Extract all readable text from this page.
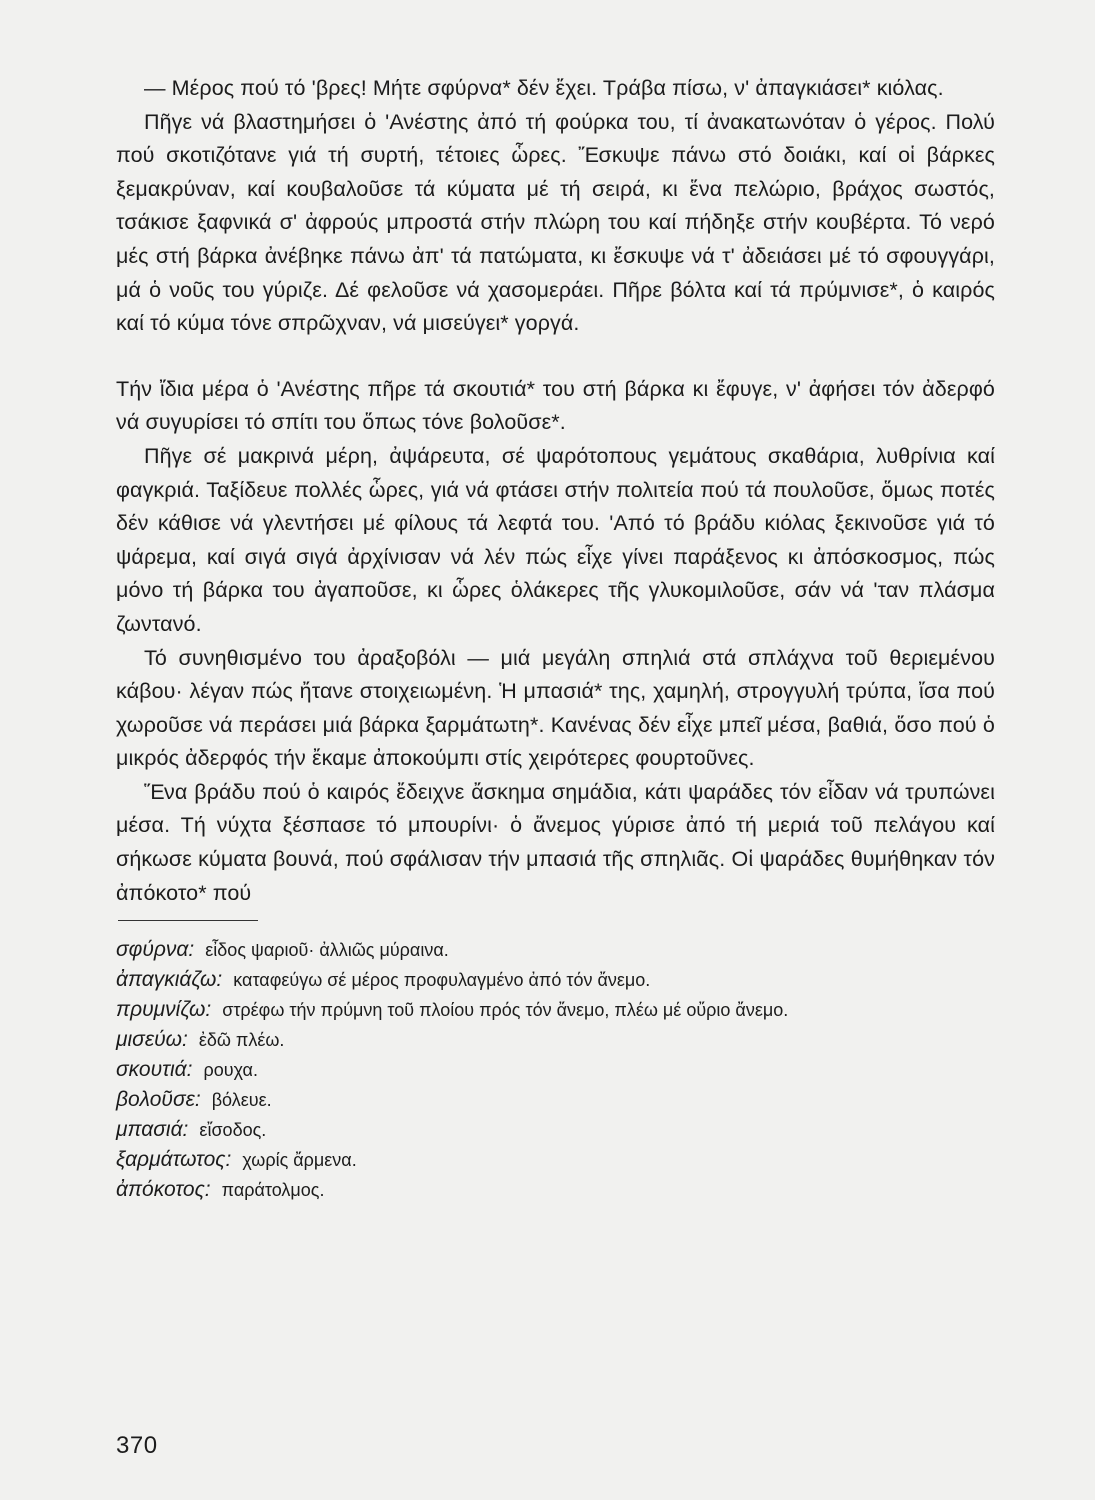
— Μέρος πού τό 'βρες! Μήτε σφύρνα* δέν ἔχει. Τράβα πίσω, ν' ἀπαγκιάσει* κιόλας.

Πῆγε νά βλαστημήσει ὁ 'Ανέστης ἀπό τή φούρκα του, τί ἀνακατωνόταν ὁ γέρος. Πολύ πού σκοτιζότανε γιά τή συρτή, τέτοιες ὧρες. Ἔσκυψε πάνω στό δοιάκι, καί οἱ βάρκες ξεμακρύναν, καί κουβαλοῦσε τά κύματα μέ τή σειρά, κι ἕνα πελώριο, βράχος σωστός, τσάκισε ξαφνικά σ' ἀφρούς μπροστά στήν πλώρη του καί πήδηξε στήν κουβέρτα. Τό νερό μές στή βάρκα ἀνέβηκε πάνω ἀπ' τά πατώματα, κι ἔσκυψε νά τ' ἀδειάσει μέ τό σφουγγάρι, μά ὁ νοῦς του γύριζε. Δέ φελοῦσε νά χασομεράει. Πῆρε βόλτα καί τά πρύμνισε*, ὁ καιρός καί τό κύμα τόνε σπρῶχναν, νά μισεύγει* γοργά.

Τήν ἴδια μέρα ὁ 'Ανέστης πῆρε τά σκουτιά* του στή βάρκα κι ἔφυγε, ν' ἀφήσει τόν ἀδερφό νά συγυρίσει τό σπίτι του ὅπως τόνε βολοῦσε*.

Πῆγε σέ μακρινά μέρη, ἀψάρευτα, σέ ψαρότοπους γεμάτους σκαθάρια, λυθρίνια καί φαγκριά. Ταξίδευε πολλές ὧρες, γιά νά φτάσει στήν πολιτεία πού τά πουλοῦσε, ὅμως ποτές δέν κάθισε νά γλεντήσει μέ φίλους τά λεφτά του. 'Από τό βράδυ κιόλας ξεκινοῦσε γιά τό ψάρεμα, καί σιγά σιγά ἀρχίνισαν νά λέν πώς εἶχε γίνει παράξενος κι ἀπόσκοσμος, πώς μόνο τή βάρκα του ἀγαποῦσε, κι ὧρες ὁλάκερες τῆς γλυκομιλοῦσε, σάν νά 'ταν πλάσμα ζωντανό.

Τό συνηθισμένο του ἀραξοβόλι — μιά μεγάλη σπηλιά στά σπλάχνα τοῦ θεριεμένου κάβου· λέγαν πώς ἤτανε στοιχειωμένη. Ἡ μπασιά* της, χαμηλή, στρογγυλή τρύπα, ἴσα πού χωροῦσε νά περάσει μιά βάρκα ξαρμάτωτη*. Κανένας δέν εἶχε μπεῖ μέσα, βαθιά, ὅσο πού ὁ μικρός ἀδερφός τήν ἔκαμε ἀποκούμπι στίς χειρότερες φουρτοῦνες.

Ἕνα βράδυ πού ὁ καιρός ἔδειχνε ἄσκημα σημάδια, κάτι ψαράδες τόν εἶδαν νά τρυπώνει μέσα. Τή νύχτα ξέσπασε τό μπουρίνι· ὁ ἄνεμος γύρισε ἀπό τή μεριά τοῦ πελάγου καί σήκωσε κύματα βουνά, πού σφάλισαν τήν μπασιά τῆς σπηλιᾶς. Οἱ ψαράδες θυμήθηκαν τόν ἀπόκοτο* πού

σφύρνα: εἶδος ψαριοῦ· ἀλλιῶς μύραινα.
ἀπαγκιάζω: καταφεύγω σέ μέρος προφυλαγμένο ἀπό τόν ἄνεμο.
πρυμνίζω: στρέφω τήν πρύμνη τοῦ πλοίου πρός τόν ἄνεμο, πλέω μέ οὔριο ἄνεμο.
μισεύω: ἐδῶ πλέω.
σκουτιά: ρουχα.
βολοῦσε: βόλευε.
μπασιά: εἴσοδος.
ξαρμάτωτος: χωρίς ἄρμενα.
ἀπόκοτος: παράτολμος.
370
